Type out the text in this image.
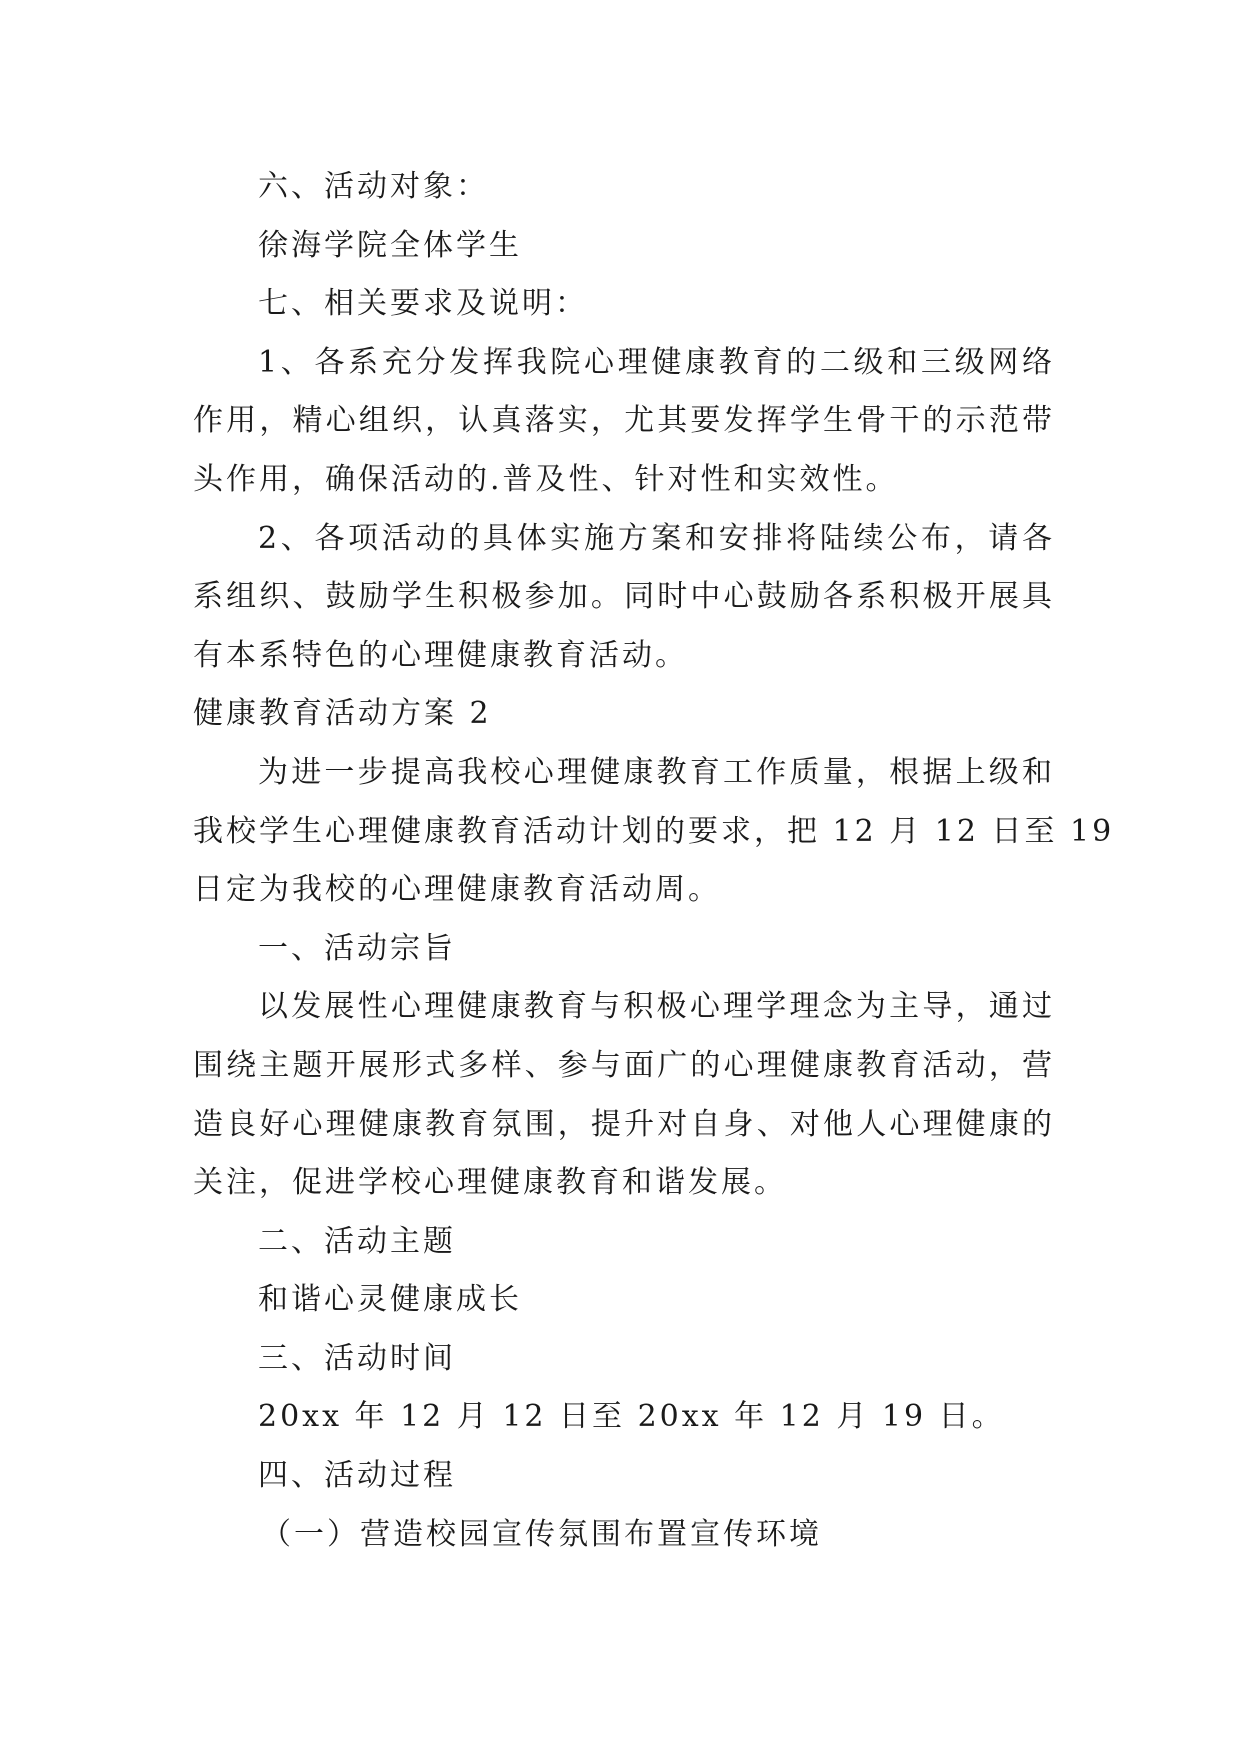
六、活动对象：
徐海学院全体学生
七、相关要求及说明：
1、各系充分发挥我院心理健康教育的二级和三级网络
作用，精心组织，认真落实，尤其要发挥学生骨干的示范带
头作用，确保活动的.普及性、针对性和实效性。
2、各项活动的具体实施方案和安排将陆续公布，请各
系组织、鼓励学生积极参加。同时中心鼓励各系积极开展具
有本系特色的心理健康教育活动。
健康教育活动方案 2
为进一步提高我校心理健康教育工作质量，根据上级和
我校学生心理健康教育活动计划的要求，把 12 月 12 日至 19
日定为我校的心理健康教育活动周。
一、活动宗旨
以发展性心理健康教育与积极心理学理念为主导，通过
围绕主题开展形式多样、参与面广的心理健康教育活动，营
造良好心理健康教育氛围，提升对自身、对他人心理健康的
关注，促进学校心理健康教育和谐发展。
二、活动主题
和谐心灵健康成长
三、活动时间
20xx 年 12 月 12 日至 20xx 年 12 月 19 日。
四、活动过程
（一）营造校园宣传氛围布置宣传环境
